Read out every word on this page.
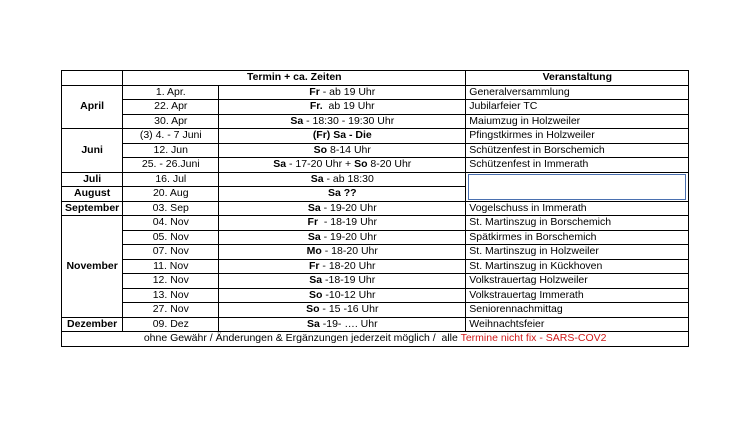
	Termin + ca. Zeiten		Veranstaltung
April	1. Apr.	Fr - ab 19 Uhr	Generalversammlung
	22. Apr	Fr.  ab 19 Uhr	Jubilarfeier TC
	30. Apr	Sa - 18:30 - 19:30 Uhr	Maiumzug in Holzweiler
Juni	(3) 4. - 7 Juni	(Fr) Sa - Die	Pfingstkirmes in Holzweiler
	12. Jun	So 8-14 Uhr	Schützenfest in Borschemich
	25. - 26.Juni	Sa - 17-20 Uhr + So 8-20 Uhr	Schützenfest in Immerath
Juli	16. Jul	Sa - ab 18:30	

August	20. Aug	Sa ??	
September	03. Sep	Sa - 19-20 Uhr	Vogelschuss in Immerath
November	04. Nov	Fr  - 18-19 Uhr	St. Martinszug in Borschemich
	05. Nov	Sa - 19-20 Uhr	Spätkirmes in Borschemich
	07. Nov	Mo - 18-20 Uhr	St. Martinszug in Holzweiler
	11. Nov	Fr - 18-20 Uhr	St. Martinszug in Kückhoven
	12. Nov	Sa -18-19 Uhr	Volkstrauertag Holzweiler
	13. Nov	So -10-12 Uhr	Volkstrauertag Immerath
	27. Nov	So - 15 -16 Uhr	Seniorennachmittag
Dezember	09. Dez	Sa -19- …. Uhr	Weihnachtsfeier
ohne Gewähr / Änderungen & Ergänzungen jederzeit möglich /  alle Termine nicht fix - SARS-COV2			
